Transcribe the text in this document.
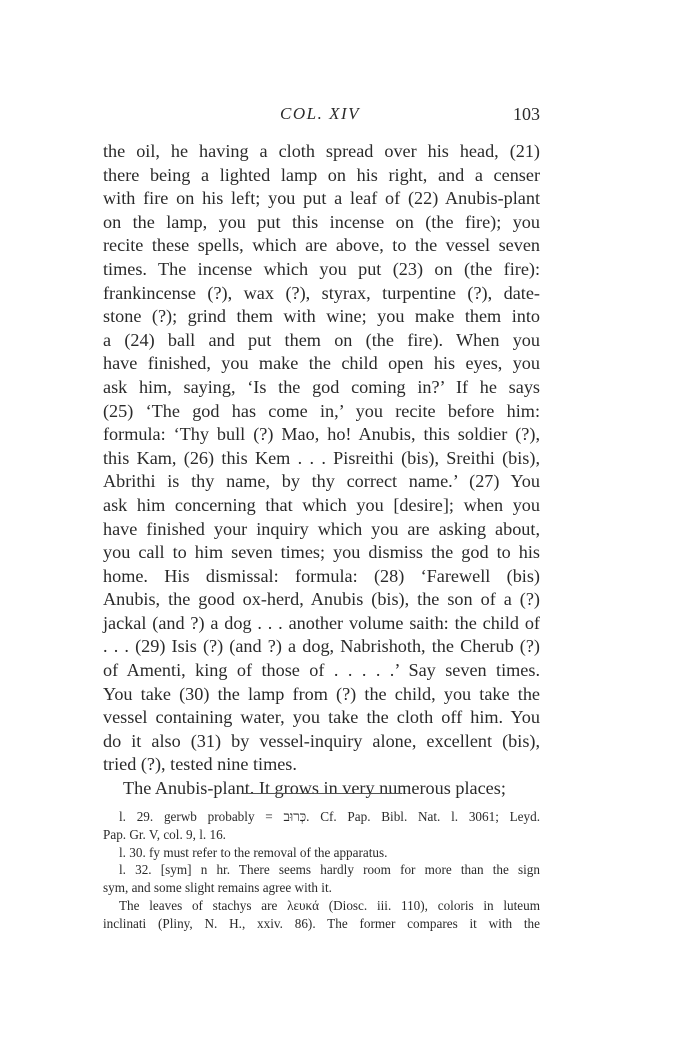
COL. XIV	103
the oil, he having a cloth spread over his head, (21)
there being a lighted lamp on his right, and a censer
with fire on his left; you put a leaf of (22) Anubis-plant
on the lamp, you put this incense on (the fire); you
recite these spells, which are above, to the vessel seven
times. The incense which you put (23) on (the fire):
frankincense (?), wax (?), styrax, turpentine (?), date-
stone (?); grind them with wine; you make them into
a (24) ball and put them on (the fire). When you
have finished, you make the child open his eyes, you
ask him, saying, ‘Is the god coming in?’ If he says
(25) ‘The god has come in,’ you recite before him:
formula: ‘Thy bull (?) Mao, ho! Anubis, this soldier (?),
this Kam, (26) this Kem . . . Pisreithi (bis), Sreithi (bis),
Abrithi is thy name, by thy correct name.’ (27) You
ask him concerning that which you [desire]; when you
have finished your inquiry which you are asking about,
you call to him seven times; you dismiss the god to his
home. His dismissal: formula: (28) ‘Farewell (bis)
Anubis, the good ox-herd, Anubis (bis), the son of a (?)
jackal (and ?) a dog . . . another volume saith: the child of
. . . (29) Isis (?) (and ?) a dog, Nabrishoth, the Cherub (?)
of Amenti, king of those of . . . . .’ Say seven times.
You take (30) the lamp from (?) the child, you take the
vessel containing water, you take the cloth off him. You
do it also (31) by vessel-inquiry alone, excellent (bis),
tried (?), tested nine times.
The Anubis-plant. It grows in very numerous places;
l. 29. gerwb probably = כְּרוּב. Cf. Pap. Bibl. Nat. l. 3061; Leyd.
Pap. Gr. V, col. 9, l. 16.
l. 30. fy must refer to the removal of the apparatus.
l. 32. [sym] n hr. There seems hardly room for more than the sign
sym, and some slight remains agree with it.
The leaves of stachys are λευκά (Diosc. iii. 110), coloris in luteum
inclinati (Pliny, N. H., xxiv. 86). The former compares it with the
